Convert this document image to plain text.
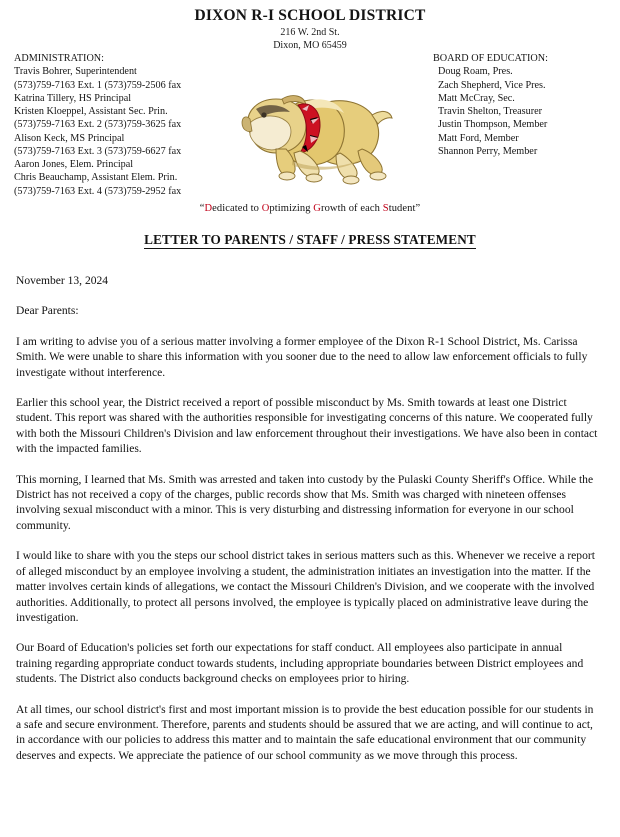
DIXON R-I SCHOOL DISTRICT
216 W. 2nd St.
Dixon, MO 65459
ADMINISTRATION:
Travis Bohrer, Superintendent
(573)759-7163 Ext. 1 (573)759-2506 fax
Katrina Tillery, HS Principal
Kristen Kloeppel, Assistant Sec. Prin.
(573)759-7163 Ext. 2 (573)759-3625 fax
Alison Keck, MS Principal
(573)759-7163 Ext. 3 (573)759-6627 fax
Aaron Jones, Elem. Principal
Chris Beauchamp, Assistant Elem. Prin.
(573)759-7163 Ext. 4 (573)759-2952 fax
BOARD OF EDUCATION:
Doug Roam, Pres.
Zach Shepherd, Vice Pres.
Matt McCray, Sec.
Travin Shelton, Treasurer
Justin Thompson, Member
Matt Ford, Member
Shannon Perry, Member
“Dedicated to Optimizing Growth of each Student”
LETTER TO PARENTS / STAFF / PRESS STATEMENT

November 13, 2024

Dear Parents:

I am writing to advise you of a serious matter involving a former employee of the Dixon R-1 School District, Ms. Carissa Smith. We were unable to share this information with you sooner due to the need to allow law enforcement officials to fully investigate without interference.

Earlier this school year, the District received a report of possible misconduct by Ms. Smith towards at least one District student. This report was shared with the authorities responsible for investigating concerns of this nature. We cooperated fully with both the Missouri Children's Division and law enforcement throughout their investigations. We have also been in contact with the impacted families.

This morning, I learned that Ms. Smith was arrested and taken into custody by the Pulaski County Sheriff's Office. While the District has not received a copy of the charges, public records show that Ms. Smith was charged with nineteen offenses involving sexual misconduct with a minor. This is very disturbing and distressing information for everyone in our school community.

I would like to share with you the steps our school district takes in serious matters such as this. Whenever we receive a report of alleged misconduct by an employee involving a student, the administration initiates an investigation into the matter. If the matter involves certain kinds of allegations, we contact the Missouri Children's Division, and we cooperate with the involved authorities. Additionally, to protect all persons involved, the employee is typically placed on administrative leave during the investigation.

Our Board of Education's policies set forth our expectations for staff conduct. All employees also participate in annual training regarding appropriate conduct towards students, including appropriate boundaries between District employees and students. The District also conducts background checks on employees prior to hiring.

At all times, our school district's first and most important mission is to provide the best education possible for our students in a safe and secure environment. Therefore, parents and students should be assured that we are acting, and will continue to act, in accordance with our policies to address this matter and to maintain the safe educational environment that our community deserves and expects. We appreciate the patience of our school community as we move through this process.
